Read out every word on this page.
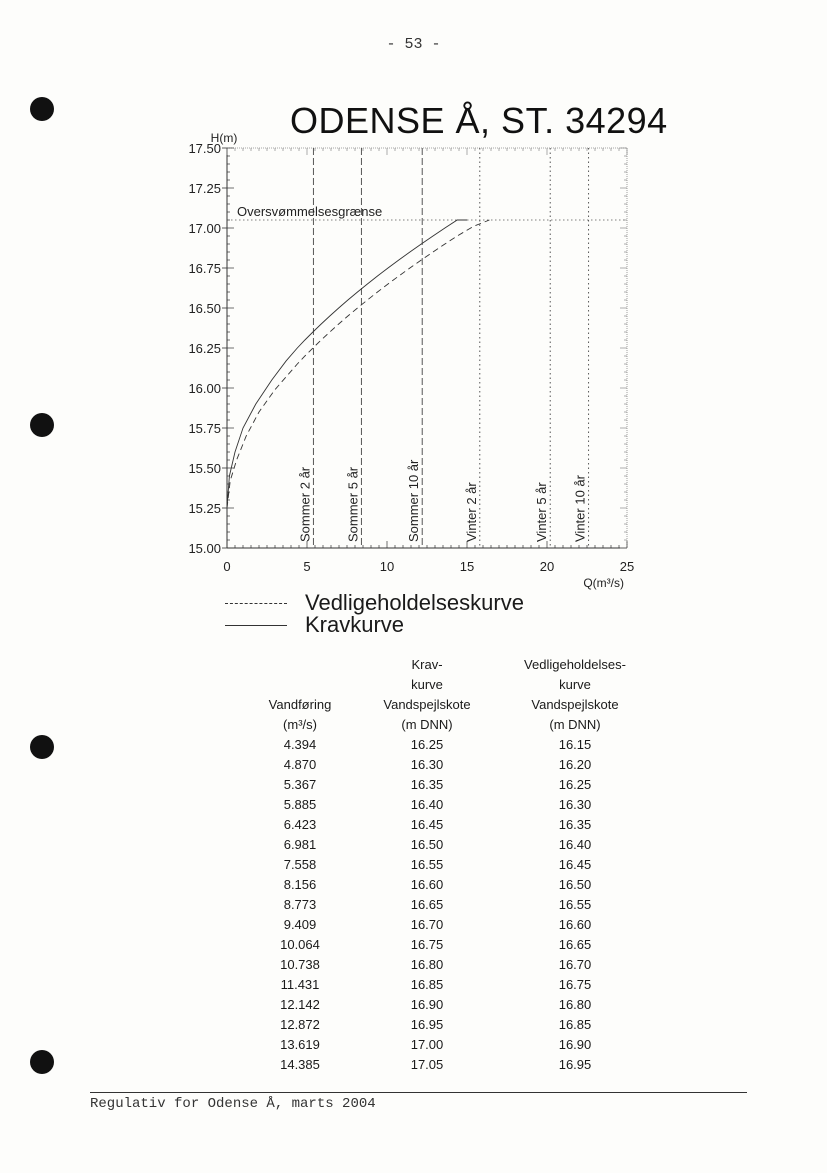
- 53 -
ODENSE Å, ST. 34294
15.00
15.25
15.50
15.75
16.00
16.25
16.50
16.75
17.00
17.25
17.50
0	5	10	15	20	25
H(m)
Q(m³/s)
Sommer 2 år	Sommer 5 år	Sommer 10 år	Vinter 2 år	Vinter 5 år Vinter 10 år
Oversvømmelsesgrænse
Vedligeholdelseskurve
Kravkurve
	Krav-	Vedligeholdelses-
	kurve	kurve
Vandføring	Vandspejlskote	Vandspejlskote
(m³/s)	(m DNN)	(m DNN)
4.394	16.25	16.15
4.870	16.30	16.20
5.367	16.35	16.25
5.885	16.40	16.30
6.423	16.45	16.35
6.981	16.50	16.40
7.558	16.55	16.45
8.156	16.60	16.50
8.773	16.65	16.55
9.409	16.70	16.60
10.064	16.75	16.65
10.738	16.80	16.70
11.431	16.85	16.75
12.142	16.90	16.80
12.872	16.95	16.85
13.619	17.00	16.90
14.385	17.05	16.95
Regulativ for Odense Å, marts 2004
